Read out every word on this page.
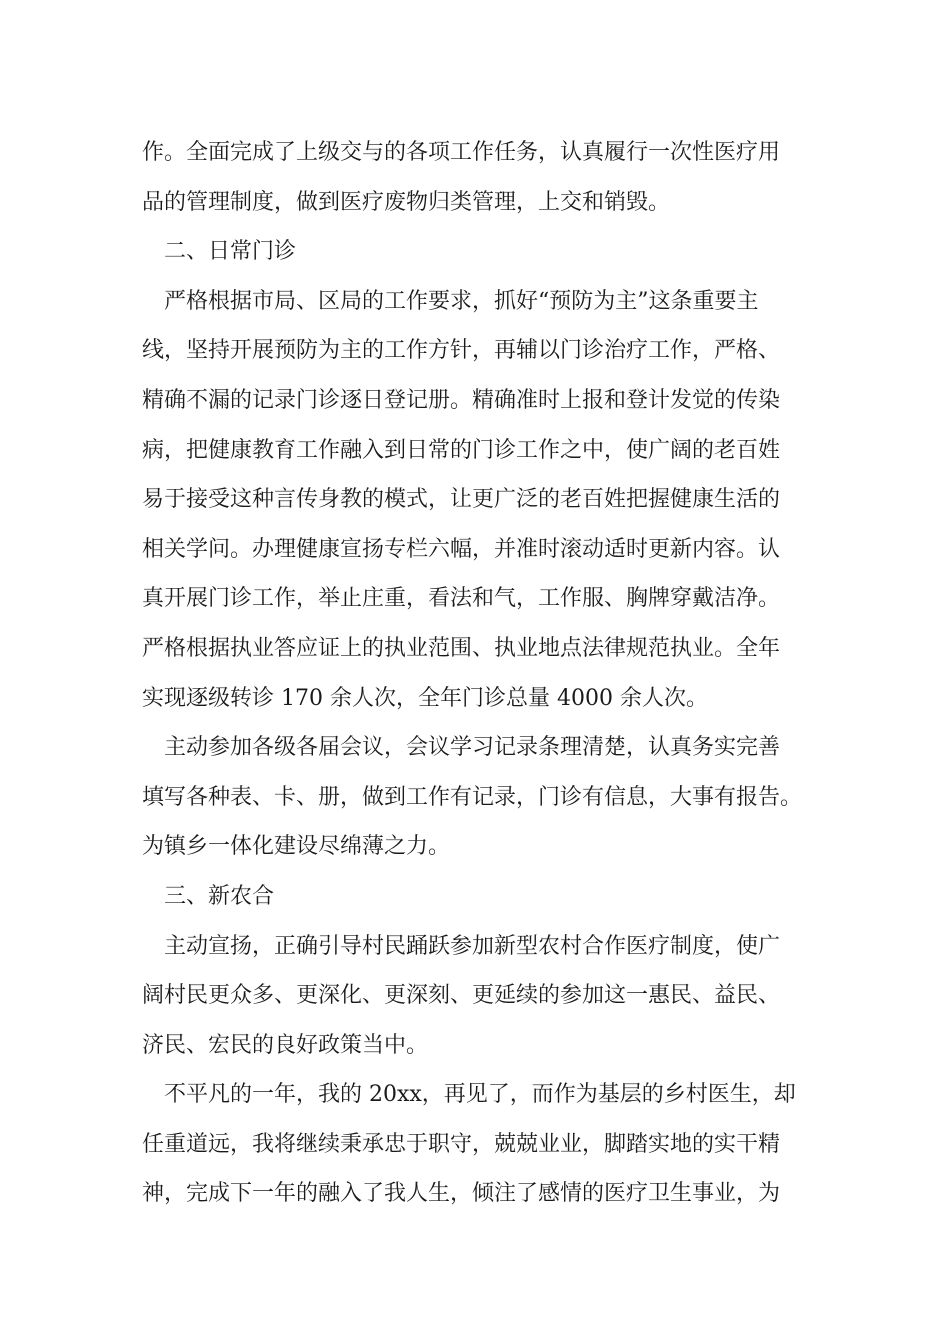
作。全面完成了上级交与的各项工作任务，认真履行一次性医疗用
品的管理制度，做到医疗废物归类管理，上交和销毁。
二、日常门诊
严格根据市局、区局的工作要求，抓好“预防为主”这条重要主
线，坚持开展预防为主的工作方针，再辅以门诊治疗工作，严格、
精确不漏的记录门诊逐日登记册。精确准时上报和登计发觉的传染
病，把健康教育工作融入到日常的门诊工作之中，使广阔的老百姓
易于接受这种言传身教的模式，让更广泛的老百姓把握健康生活的
相关学问。办理健康宣扬专栏六幅，并准时滚动适时更新内容。认
真开展门诊工作，举止庄重，看法和气，工作服、胸牌穿戴洁净。
严格根据执业答应证上的执业范围、执业地点法律规范执业。全年
实现逐级转诊 170 余人次，全年门诊总量 4000 余人次。
主动参加各级各届会议，会议学习记录条理清楚，认真务实完善
填写各种表、卡、册，做到工作有记录，门诊有信息，大事有报告。
为镇乡一体化建设尽绵薄之力。
三、新农合
主动宣扬，正确引导村民踊跃参加新型农村合作医疗制度，使广
阔村民更众多、更深化、更深刻、更延续的参加这一惠民、益民、
济民、宏民的良好政策当中。
不平凡的一年，我的 20xx，再见了，而作为基层的乡村医生，却
任重道远，我将继续秉承忠于职守，兢兢业业，脚踏实地的实干精
神，完成下一年的融入了我人生，倾注了感情的医疗卫生事业，为
